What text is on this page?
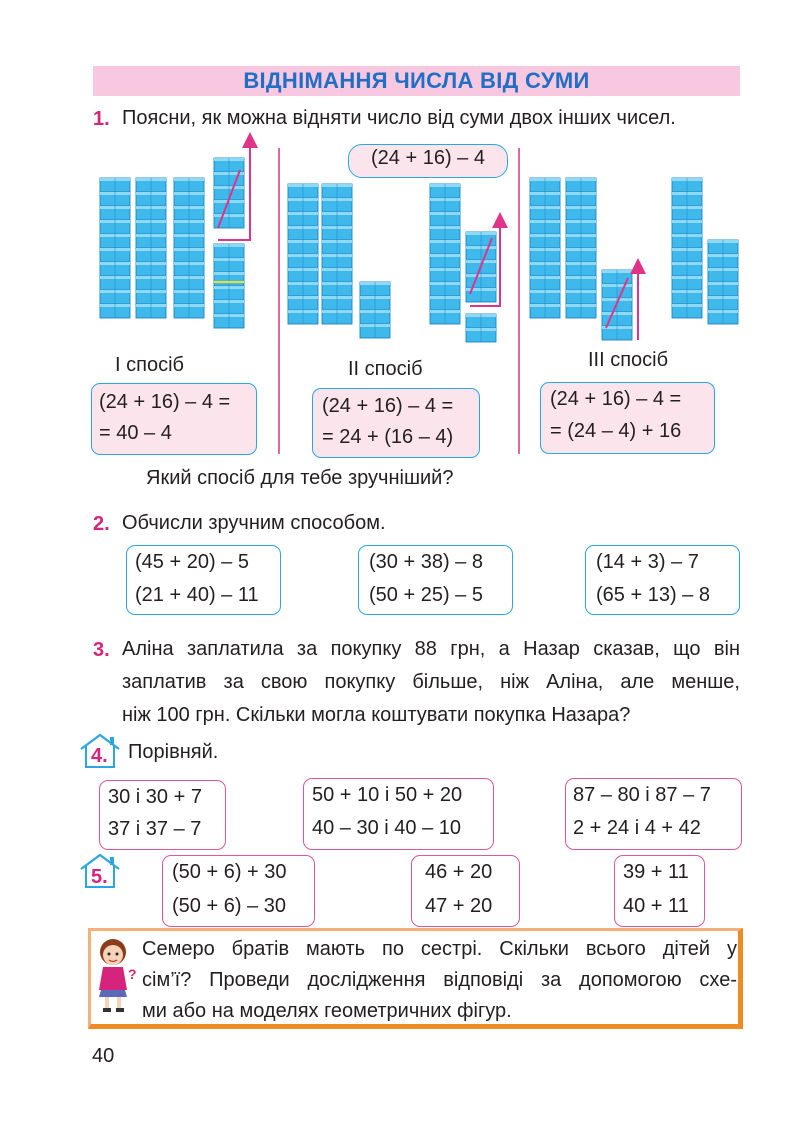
ВІДНІМАННЯ ЧИСЛА ВІД СУМИ
1. Поясни, як можна відняти число від суми двох інших чисел.
(24 + 16) – 4
I спосіб	II спосіб	III спосіб
(24 + 16) – 4 =
= 40 – 4
(24 + 16) – 4 =
= 24 + (16 – 4)
(24 + 16) – 4 =
= (24 – 4) + 16
Який спосіб для тебе зручніший?
2. Обчисли зручним способом.
(45 + 20) – 5
(21 + 40) – 11
(30 + 38) – 8
(50 + 25) – 5
(14 + 3) – 7
(65 + 13) – 8
3. Аліна заплатила за покупку 88 грн, а Назар сказав, що він
заплатив за свою покупку більше, ніж Аліна, але менше,
ніж 100 грн. Скільки могла коштувати покупка Назара?
4. Порівняй.
30 і 30 + 7
37 і 37 – 7
50 + 10 і 50 + 20
40 – 30 і 40 – 10
87 – 80 і 87 – 7
2 + 24 і 4 + 42
5.	(50 + 6) + 30
(50 + 6) – 30
46 + 20
47 + 20
39 + 11
40 + 11
?
Семеро братів мають по сестрі. Скільки всього дітей у
сім’ї? Проведи дослідження відповіді за допомогою схе-
ми або на моделях геометричних фігур.
40
